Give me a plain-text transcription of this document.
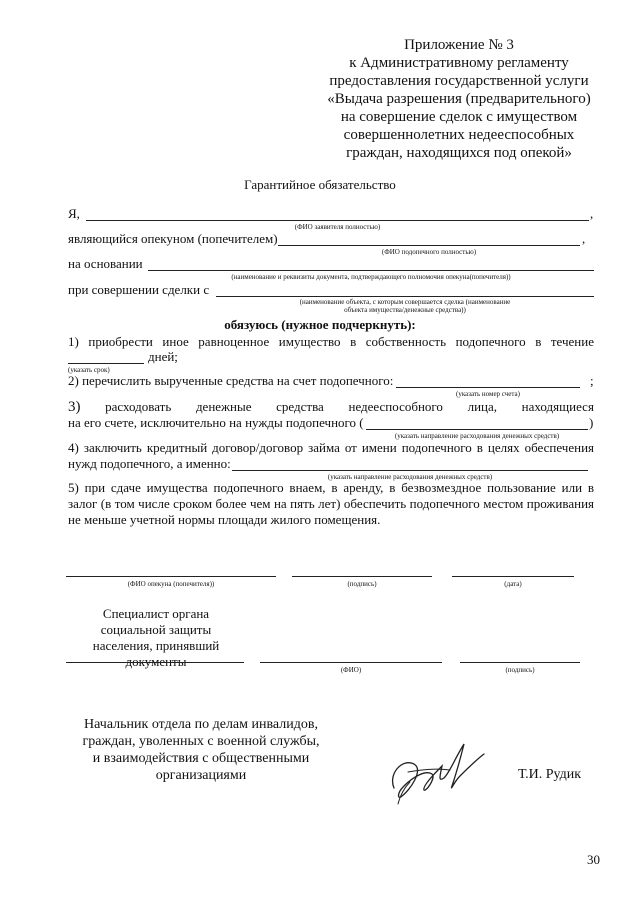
Приложение № 3
к Административному регламенту
предоставления государственной услуги
«Выдача разрешения (предварительного)
на совершение сделок с имуществом
совершеннолетних недееспособных
граждан, находящихся под опекой»
Гарантийное обязательство
Я,	,
(ФИО заявителя полностью)
являющийся опекуном (попечителем)	,
(ФИО подопечного полностью)
на основании
(наименование и реквизиты документа, подтверждающего полномочия опекуна(попечителя))
при совершении сделки с
(наименование объекта, с которым совершается сделка (наименование
объекта имущества/денежные средства))
обязуюсь (нужное подчеркнуть):
1) приобрести иное равноценное имущество в собственность подопечного в течение
дней;
(указать срок)
2) перечислить вырученные средства на счет подопечного:	;
(указать номер счета)
3) расходовать денежные средства недееспособного лица, находящиеся
на его счете, исключительно на нужды подопечного (	)
(указать направление расходования денежных средств)
4) заключить кредитный договор/договор займа от имени подопечного в целях обеспечения
нужд подопечного, а именно:
(указать направление расходования денежных средств)
5) при сдаче имущества подопечного внаем, в аренду, в безвозмездное пользование или в залог (в том числе сроком более чем на пять лет) обеспечить подопечного местом проживания не меньше учетной нормы площади жилого помещения.
(ФИО опекуна (попечителя))	(подпись)	(дата)
Специалист органа
социальной защиты
населения, принявший
документы
(ФИО)	(подпись)
Начальник отдела по делам инвалидов,
граждан, уволенных с военной службы,
и взаимодействия с общественными
организациями	Т.И. Рудик
30
